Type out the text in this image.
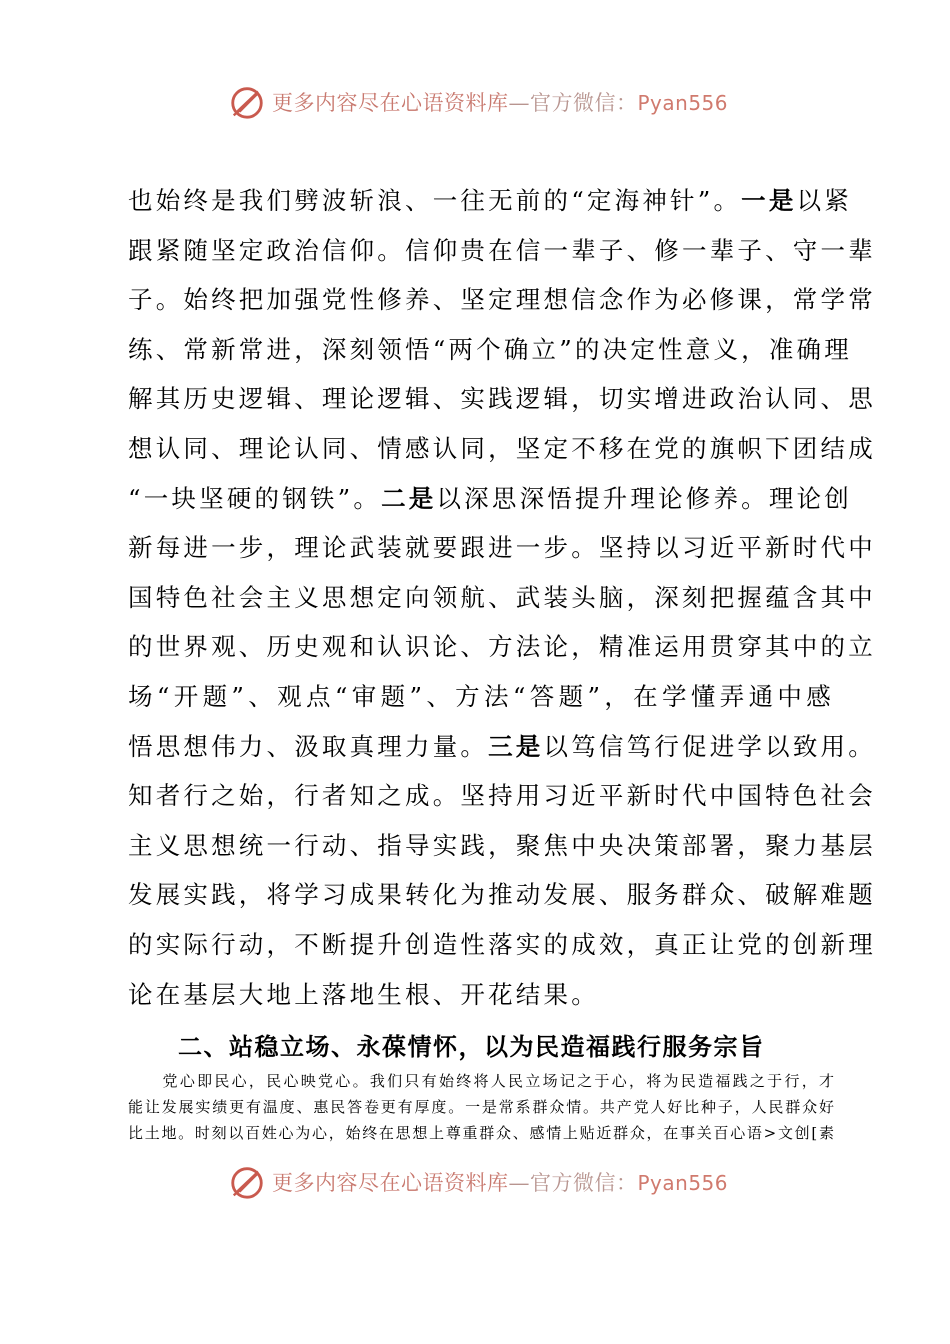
更多内容尽在心语资料库—官方微信：Pyan556
也始终是我们劈波斩浪、一往无前的“定海神针”。一是以紧
跟紧随坚定政治信仰。信仰贵在信一辈子、修一辈子、守一辈
子。始终把加强党性修养、坚定理想信念作为必修课，常学常
练、常新常进，深刻领悟“两个确立”的决定性意义，准确理
解其历史逻辑、理论逻辑、实践逻辑，切实增进政治认同、思
想认同、理论认同、情感认同，坚定不移在党的旗帜下团结成
“一块坚硬的钢铁”。二是以深思深悟提升理论修养。理论创
新每进一步，理论武装就要跟进一步。坚持以习近平新时代中
国特色社会主义思想定向领航、武装头脑，深刻把握蕴含其中
的世界观、历史观和认识论、方法论，精准运用贯穿其中的立
场“开题”、观点“审题”、方法“答题”，在学懂弄通中感
悟思想伟力、汲取真理力量。三是以笃信笃行促进学以致用。
知者行之始，行者知之成。坚持用习近平新时代中国特色社会
主义思想统一行动、指导实践，聚焦中央决策部署，聚力基层
发展实践，将学习成果转化为推动发展、服务群众、破解难题
的实际行动，不断提升创造性落实的成效，真正让党的创新理
论在基层大地上落地生根、开花结果。
二、站稳立场、永葆情怀，以为民造福践行服务宗旨
　　党心即民心，民心映党心。我们只有始终将人民立场记之于心，将为民造福践之于行，才
能让发展实绩更有温度、惠民答卷更有厚度。一是常系群众情。共产党人好比种子，人民群众好
比土地。时刻以百姓心为心，始终在思想上尊重群众、感情上贴近群众，在事关百心语>文创[素
更多内容尽在心语资料库—官方微信：Pyan556
